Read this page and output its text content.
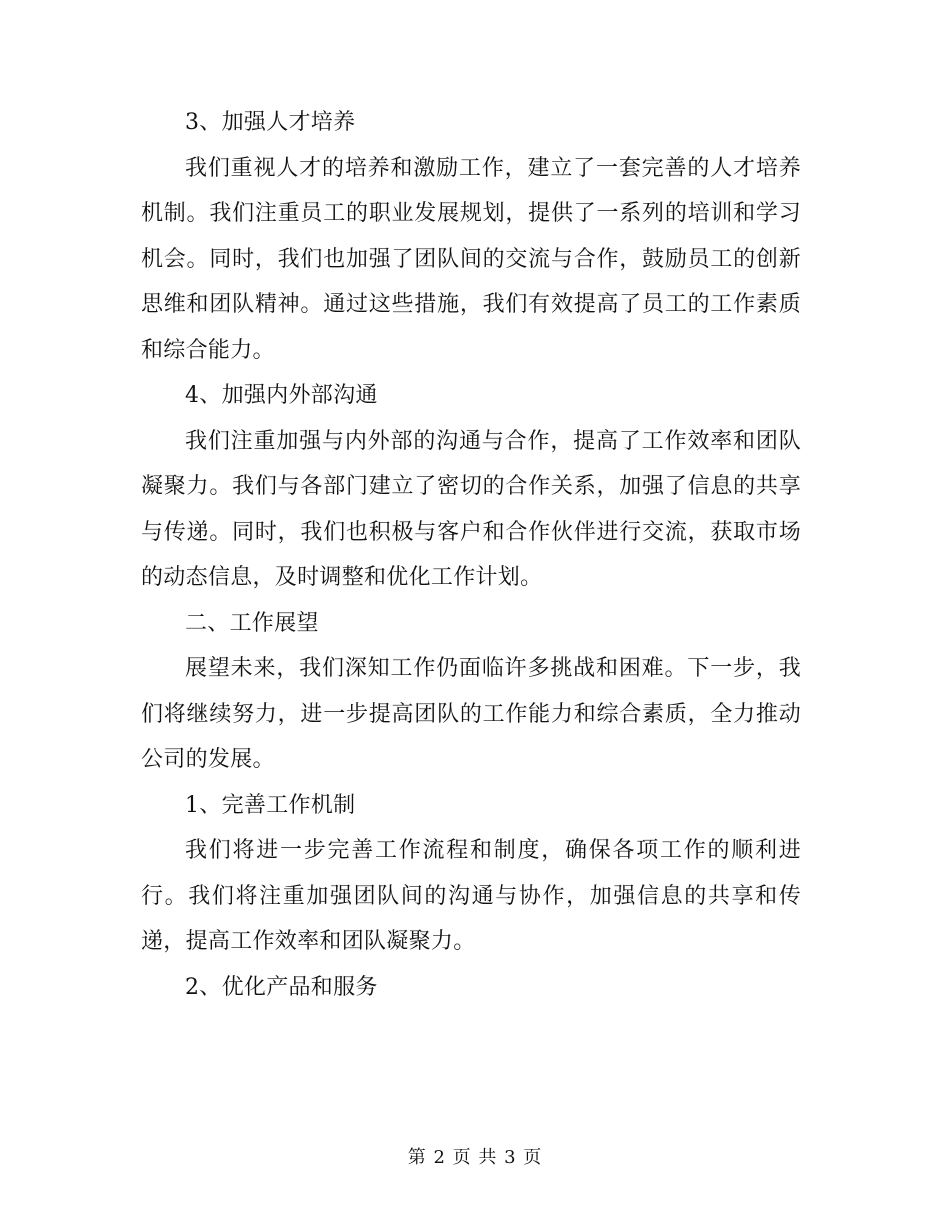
3、加强人才培养

我们重视人才的培养和激励工作，建立了一套完善的人才培养机制。我们注重员工的职业发展规划，提供了一系列的培训和学习机会。同时，我们也加强了团队间的交流与合作，鼓励员工的创新思维和团队精神。通过这些措施，我们有效提高了员工的工作素质和综合能力。

4、加强内外部沟通

我们注重加强与内外部的沟通与合作，提高了工作效率和团队凝聚力。我们与各部门建立了密切的合作关系，加强了信息的共享与传递。同时，我们也积极与客户和合作伙伴进行交流，获取市场的动态信息，及时调整和优化工作计划。

二、工作展望

展望未来，我们深知工作仍面临许多挑战和困难。下一步，我们将继续努力，进一步提高团队的工作能力和综合素质，全力推动公司的发展。

1、完善工作机制

我们将进一步完善工作流程和制度，确保各项工作的顺利进行。我们将注重加强团队间的沟通与协作，加强信息的共享和传递，提高工作效率和团队凝聚力。

2、优化产品和服务

第 2 页 共 3 页
